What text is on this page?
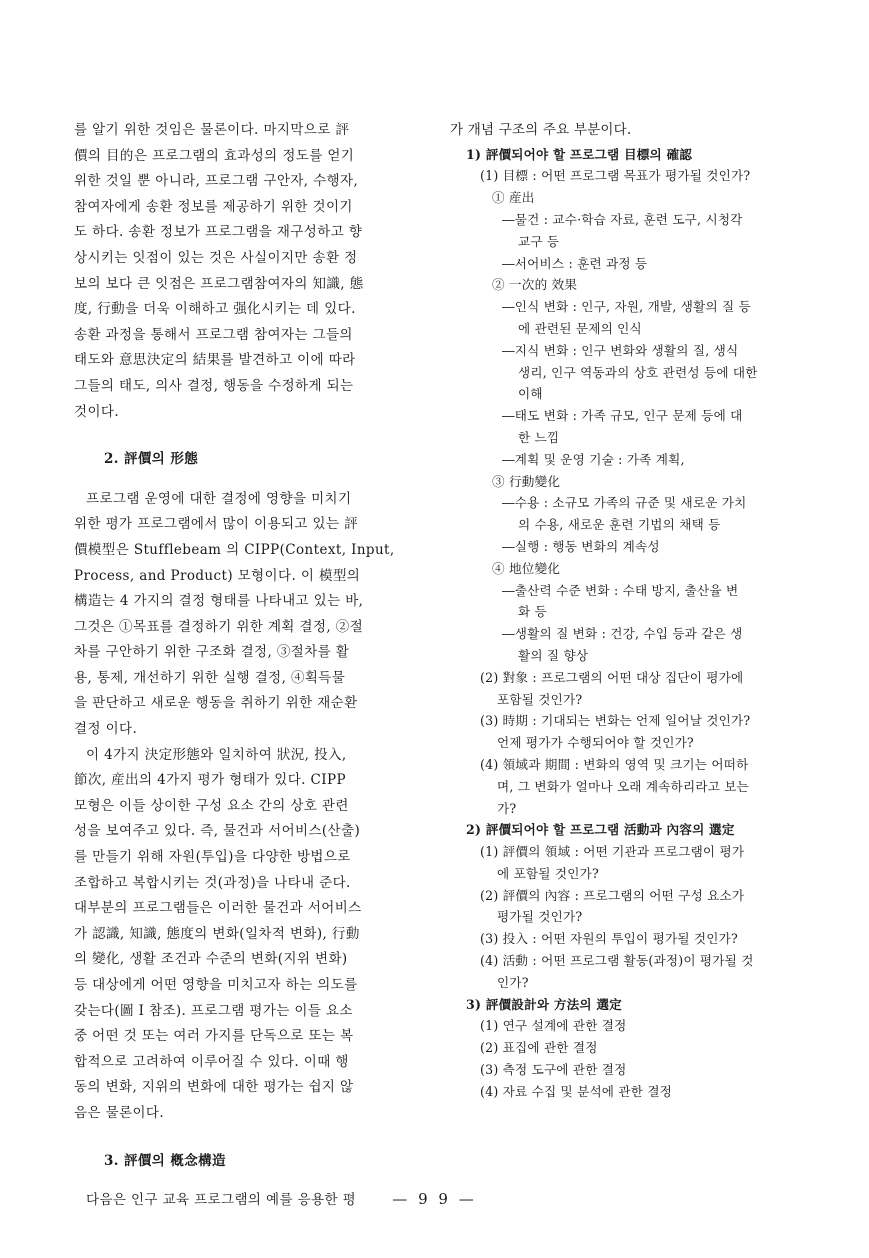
를 알기 위한 것임은 물론이다. 마지막으로 評

價의 目的은 프로그램의 효과성의 정도를 얻기

위한 것일 뿐 아니라, 프로그램 구안자, 수행자,

참여자에게 송환 정보를 제공하기 위한 것이기

도 하다. 송환 정보가 프로그램을 재구성하고 향

상시키는 잇점이 있는 것은 사실이지만 송환 정

보의 보다 큰 잇점은 프로그램참여자의 知識, 態

度, 行動을 더욱 이해하고 强化시키는 데 있다.

송환 과정을 통해서 프로그램 참여자는 그들의

태도와 意思決定의 結果를 발견하고 이에 따라

그들의 태도, 의사 결정, 행동을 수정하게 되는

것이다.

2. 評價의 形態

프로그램 운영에 대한 결정에 영향을 미치기

위한 평가 프로그램에서 많이 이용되고 있는 評

價模型은 Stufflebeam 의 CIPP(Context, Input,

Process, and Product) 모형이다. 이 模型의

構造는 4 가지의 결정 형태를 나타내고 있는 바,

그것은 ①목표를 결정하기 위한 계획 결정, ②절

차를 구안하기 위한 구조화 결정, ③절차를 활

용, 통제, 개선하기 위한 실행 결정, ④획득물

을 판단하고 새로운 행동을 취하기 위한 재순환

결정 이다.

이 4가지 決定形態와 일치하여 狀況, 投入,

節次, 産出의 4가지 평가 형태가 있다. CIPP

모형은 이들 상이한 구성 요소 간의 상호 관련

성을 보여주고 있다. 즉, 물건과 서어비스(산출)

를 만들기 위해 자원(투입)을 다양한 방법으로

조합하고 복합시키는 것(과정)을 나타내 준다.

대부분의 프로그램들은 이러한 물건과 서어비스

가 認識, 知識, 態度의 변화(일차적 변화), 行動

의 變化, 생활 조건과 수준의 변화(지위 변화)

등 대상에게 어떤 영향을 미치고자 하는 의도를

갖는다(圖 I 참조). 프로그램 평가는 이들 요소

중 어떤 것 또는 여러 가지를 단독으로 또는 복

합적으로 고려하여 이루어질 수 있다. 이때 행

동의 변화, 지위의 변화에 대한 평가는 쉽지 않

음은 물론이다.

3. 評價의 槪念構造

다음은 인구 교육 프로그램의 예를 응용한 평

가 개념 구조의 주요 부분이다.
1) 評價되어야 할 프로그램 目標의 確認
(1) 目標 : 어떤 프로그램 목표가 평가될 것인가?
① 産出
―물건 : 교수·학습 자료, 훈련 도구, 시청각
교구 등
―서어비스 : 훈련 과정 등
② 一次的 效果
―인식 변화 : 인구, 자원, 개발, 생활의 질 등
에 관련된 문제의 인식
―지식 변화 : 인구 변화와 생활의 질, 생식
생리, 인구 역동과의 상호 관련성 등에 대한
이해
―태도 변화 : 가족 규모, 인구 문제 등에 대
한 느낌
―계획 및 운영 기술 : 가족 계획,
③ 行動變化
―수용 : 소규모 가족의 규준 및 새로운 가치
의 수용, 새로운 훈련 기법의 채택 등
―실행 : 행동 변화의 계속성
④ 地位變化
―출산력 수준 변화 : 수태 방지, 출산율 변
화 등
―생활의 질 변화 : 건강, 수입 등과 같은 생
활의 질 향상
(2) 對象 : 프로그램의 어떤 대상 집단이 평가에
포함될 것인가?
(3) 時期 : 기대되는 변화는 언제 일어날 것인가?
언제 평가가 수행되어야 할 것인가?
(4) 領域과 期間 : 변화의 영역 및 크기는 어떠하
며, 그 변화가 얼마나 오래 계속하리라고 보는
가?
2) 評價되어야 할 프로그램 活動과 內容의 選定
(1) 評價의 領域 : 어떤 기관과 프로그램이 평가
에 포함될 것인가?
(2) 評價의 內容 : 프로그램의 어떤 구성 요소가
평가될 것인가?
(3) 投入 : 어떤 자원의 투입이 평가될 것인가?
(4) 活動 : 어떤 프로그램 활동(과정)이 평가될 것
인가?
3) 評價設計와 方法의 選定
(1) 연구 설계에 관한 결정
(2) 표집에 관한 결정
(3) 측정 도구에 관한 결정
(4) 자료 수집 및 분석에 관한 결정
— 9 9 —
